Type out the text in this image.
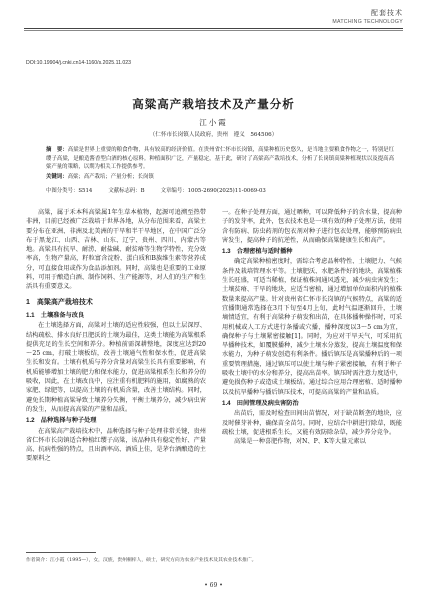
配套技术
MATCHING TECHNOLOGY
DOI:10.19904/j.cnki.cn14-1160/s.2025.11.023
高粱高产栽培技术及产量分析
江小霞
（仁怀市长岗镇人民政府，贵州　遵义　564506）
摘　要：高粱是世界上重要的粮食作物，具有较高的经济价值。在贵州省仁怀市长岗镇，高粱种植历史悠久，是当地主要粮食作物之一，特别是红缨子高粱，是酿造酱香型白酒的核心原料。种植面积广泛，产量稳定，基于此，研讨了高粱高产栽培技术，分析了长岗镇高粱种植现状以及提高高粱产量的策略，以期为相关工作提供参考。
关键词：高粱；高产栽培；产量分析；长岗镇
中图分类号：S514	文献标志码：B	文章编号：1005-2690(2025)11-0069-03

高粱，属于禾本科高粱属1年生草本植物，起源可追溯至热带非洲，目前已经被广泛栽培于世界各地，从分布范围来看，高粱主要分布在亚洲、非洲及北美洲的干旱和半干旱地区，在中国广泛分布于黑龙江、山西、吉林、山东、辽宁、贵州、四川、内蒙古等地。高粱具有抗旱、耐涝、耐盐碱、耐贫瘠等生物学特性，充分效率高，生物产量高，籽粒富含淀粉、蛋白质和B族维生素等营养成分，可直接食用或作为食品添加剂。同时，高粱也是重要的工业原料，可用于酿造白酒、制作饲料、生产能源等，对人们的生产和生活具有重要意义。

1　高粱高产栽培技术
1.1　土壤准备与改良

在土壤选择方面，高粱对土壤的适应性较强，但以土层深厚、结构疏松、排水良好且肥沃的土壤为最佳，这类土壤能为高粱根系提供充足的生长空间和养分。种植前需深耕整地，深度应达到20～25 cm，打破土壤板结，改善土壤通气性和保水性，促进高粱生长和发育。土壤有机质与养分含量对高粱生长具有重要影响，有机质能够增加土壤的肥力和保水能力，促进高粱根系生长和养分的吸收，因此，在土壤改良中，应注重有机肥料的施用，如腐熟的农家肥、绿肥等，以提高土壤的有机质含量，改善土壤结构。同时，避免长期种植高粱导致土壤养分失衡，平衡土壤养分，减少病虫害的发生，从而提高高粱的产量和品质。

1.2　品种选择与种子处理

在高粱高产栽培技术中，品种选择与种子处理非常关键，贵州省仁怀市长岗镇适合种植红缨子高粱，该品种具有稳定性好、产量高、抗病性强的特点，且出酒率高、酒质上佳，是茅台酒酿造的主要原料之

一。在种子处理方面，通过晒种，可以降低种子的含水量，提高种子的发芽率，此外，包衣技术也是一项有效的种子处理方法，使用含有防病、防虫药剂的包衣剂对种子进行包衣处理，能够预防病虫害发生，提高种子的抗逆性，从而确保高粱健康生长和高产。

1.3　合理密植与适时播种

确定高粱种植密度时，需综合考虑品种特性、土壤肥力、气候条件及栽培管理水平等。土壤肥沃、水肥条件好的地块，高粱植株生长旺盛，可适当稀植，保证植株间通风透光，减少病虫害发生；土壤贫瘠、干旱的地块，应适当密植，通过增加单位面积内的植株数量来提高产量。针对贵州省仁怀市长岗镇的气候特点，高粱的适宜播期通常选择在3月下旬至4月上旬，此时气温逐渐回升，土壤墒情适宜，有利于高粱种子萌发和出苗，在具体播种操作时，可采用机械或人工方式进行条播或穴播，播种深度以3～5 cm为宜，确保种子与土壤紧密接触[1]。同时，为应对干旱天气，可采用抗旱播种技术，如覆膜播种，减少土壤水分蒸发，提高土壤温度和保水能力，为种子萌发创造有利条件。播后镇压是高粱播种后的一项重要管理措施，通过镇压可以使土壤与种子紧密接触，有利于种子吸收土壤中的水分和养分，提高出苗率。镇压时需注意力度适中，避免损伤种子或造成土壤板结。通过综合应用合理密植、适时播种以及抗旱播种与播后镇压技术，可提高高粱的产量和品质。

1.4　田间管理及病虫害防治

出苗后，需及时检查田间出苗情况，对于缺苗断垄的地块，应及时催芽补种，确保苗全苗匀。同时，应结合中耕进行除草，既能疏松土壤，促进根系生长，又能有效防除杂草，减少养分竞争。

高粱是一种喜肥作物，对N、P、K等大量元素以

作者简介：江小霞（1995—），女，汉族，贵州桐梓人，硕士，研究方向为农业产业技术及其农业技术推广。
• 69 •
